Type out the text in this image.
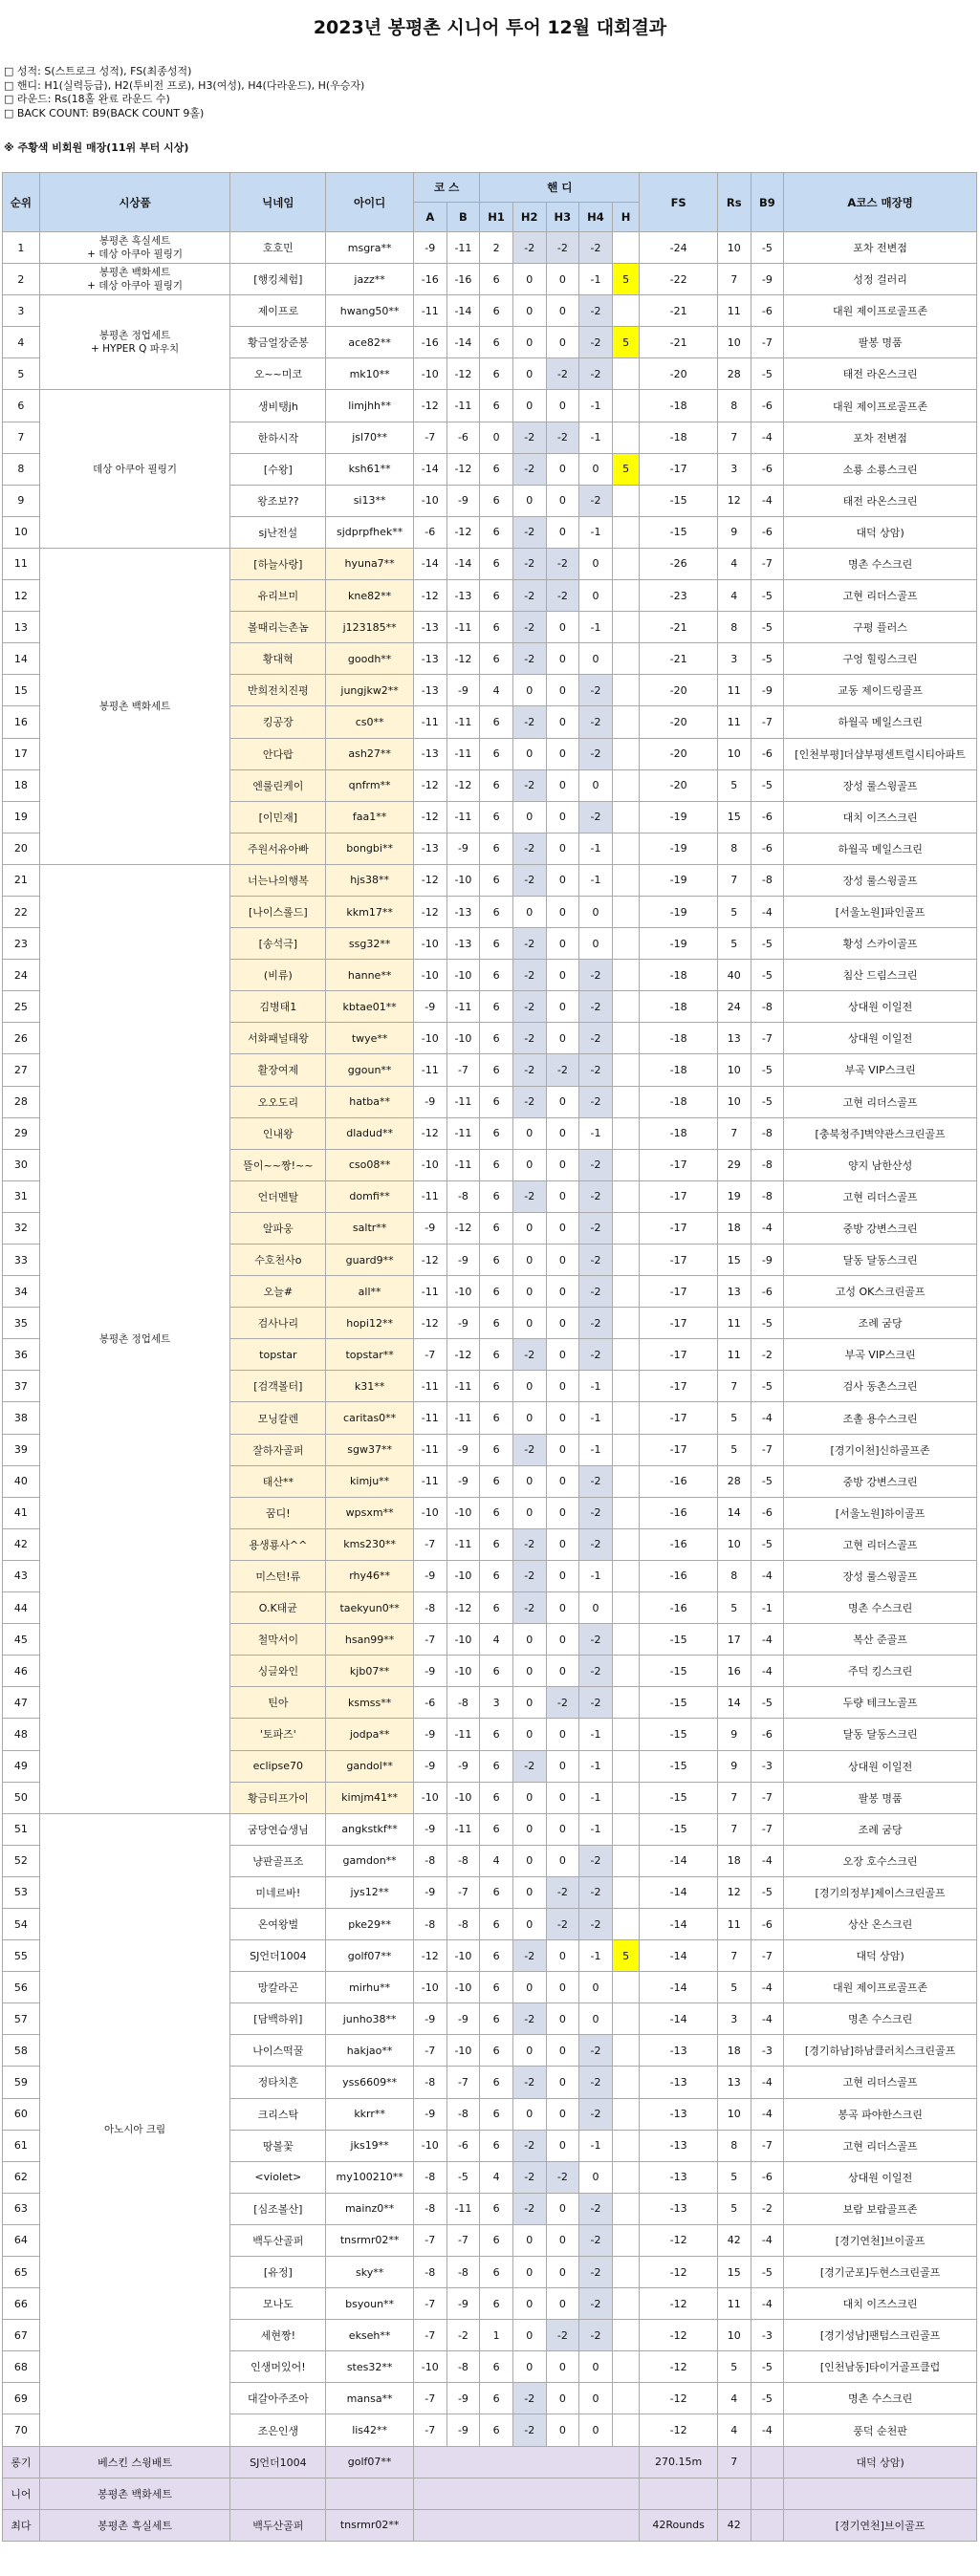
2023년 봉평촌 시니어 투어 12월 대회결과
□ 성적: S(스트로크 성적), FS(최종성적)
□ 핸디: H1(실력등급), H2(투비전 프로), H3(여성), H4(다라운드), H(우승자)
□ 라운드: Rs(18홀 완료 라운드 수)
□ BACK COUNT: B9(BACK COUNT 9홀)
※ 주황색 비회원 매장(11위 부터 시상)
순위	시상품	닉네임	아이디	코 스		핸 디					FS	Rs	B9	A코스 매장명
				A	B	H1	H2	H3	H4	H				
1	봉평촌 흑실세트
+ 데상 아쿠아 필링기	호호민	msgra**	-9	-11	2	-2	-2	-2		-24	10	-5	포차 전변점
2	봉평촌 백화세트
+ 데상 아쿠아 필링기	[행킹체험]	jazz**	-16	-16	6	0	0	-1	5	-22	7	-9	성정 걸러리
3	봉평촌 정업세트
+ HYPER Q 파우치	제이프로	hwang50**	-11	-14	6	0	0	-2		-21	11	-6	대원 제이프로골프존
4		황금얼장준봉	ace82**	-16	-14	6	0	0	-2	5	-21	10	-7	팔봉 명품
5		오~~미코	mk10**	-10	-12	6	0	-2	-2		-20	28	-5	태전 라온스크린
6	데상 아쿠아 필링기	생비탱jh	limjhh**	-12	-11	6	0	0	-1		-18	8	-6	대원 제이프로골프존
7		한하시작	jsl70**	-7	-6	0	-2	-2	-1		-18	7	-4	포차 전변점
8		[수왕]	ksh61**	-14	-12	6	-2	0	0	5	-17	3	-6	소룡 소룡스크린
9		왕조보??	si13**	-10	-9	6	0	0	-2		-15	12	-4	태전 라온스크린
10		sj난전설	sjdprpfhek**	-6	-12	6	-2	0	-1		-15	9	-6	대덕 상암)
11	봉평촌 백화세트	[하늘사랑]	hyuna7**	-14	-14	6	-2	-2	0		-26	4	-7	명촌 수스크린
12		유리브미	kne82**	-12	-13	6	-2	-2	0		-23	4	-5	고현 리더스골프
13		볼때리는촌놈	j123185**	-13	-11	6	-2	0	-1		-21	8	-5	구평 플러스
14		황대혁	goodh**	-13	-12	6	-2	0	0		-21	3	-5	구엉 힐링스크린
15		반희전치진평	jungjkw2**	-13	-9	4	0	0	-2		-20	11	-9	교동 제이드링골프
16		킹공장	cs0**	-11	-11	6	-2	0	-2		-20	11	-7	하월곡 메일스크린
17		안다랍	ash27**	-13	-11	6	0	0	-2		-20	10	-6	[인천부평]더샵부평센트럴시티아파트
18		엔룰린케이	qnfrm**	-12	-12	6	-2	0	0		-20	5	-5	장성 룰스윙골프
19		[이민재]	faa1**	-12	-11	6	0	0	-2		-19	15	-6	대치 이즈스크린
20		주원서유아빠	bongbi**	-13	-9	6	-2	0	-1		-19	8	-6	하월곡 메일스크린
21	봉평촌 정업세트	너는나의행복	hjs38**	-12	-10	6	-2	0	-1		-19	7	-8	장성 룰스윙골프
22		[나이스롤드]	kkm17**	-12	-13	6	0	0	0		-19	5	-4	[서울노원]파인골프
23		[송석극]	ssg32**	-10	-13	6	-2	0	0		-19	5	-5	황성 스카이골프
24		(비류)	hanne**	-10	-10	6	-2	0	-2		-18	40	-5	침산 드림스크린
25		김병태1	kbtae01**	-9	-11	6	-2	0	-2		-18	24	-8	상대원 이일전
26		서화패널태왕	twye**	-10	-10	6	-2	0	-2		-18	13	-7	상대원 이일전
27		활장여제	ggoun**	-11	-7	6	-2	-2	-2		-18	10	-5	부곡 VIP스크린
28		오오도리	hatba**	-9	-11	6	-2	0	-2		-18	10	-5	고현 리더스골프
29		인내왕	dladud**	-12	-11	6	0	0	-1		-18	7	-8	[충북청주]벽약관스크린골프
30		뜰이~~짱!~~	cso08**	-10	-11	6	0	0	-2		-17	29	-8	양지 남한산성
31		언더멘탈	domfi**	-11	-8	6	-2	0	-2		-17	19	-8	고현 리더스골프
32		알파웅	saltr**	-9	-12	6	0	0	-2		-17	18	-4	중방 강변스크린
33		수호천사o	guard9**	-12	-9	6	0	0	-2		-17	15	-9	달동 달동스크린
34		오늘#	all**	-11	-10	6	0	0	-2		-17	13	-6	고성 OK스크린골프
35		검사나리	hopi12**	-12	-9	6	0	0	-2		-17	11	-5	조례 굼당
36		topstar	topstar**	-7	-12	6	-2	0	-2		-17	11	-2	부곡 VIP스크린
37		[검객볼터]	k31**	-11	-11	6	0	0	-1		-17	7	-5	검사 동촌스크린
38		모닝칼렌	caritas0**	-11	-11	6	0	0	-1		-17	5	-4	조촐 용수스크린
39		잘하자골퍼	sgw37**	-11	-9	6	-2	0	-1		-17	5	-7	[경기이천]신하골프존
40		태산**	kimju**	-11	-9	6	0	0	-2		-16	28	-5	중방 강변스크린
41		꿈디!	wpsxm**	-10	-10	6	0	0	-2		-16	14	-6	[서울노원]하이골프
42		용생룡사^^	kms230**	-7	-11	6	-2	0	-2		-16	10	-5	고현 리더스골프
43		미스턴!류	rhy46**	-9	-10	6	-2	0	-1		-16	8	-4	장성 룰스윙골프
44		O.K태균	taekyun0**	-8	-12	6	-2	0	0		-16	5	-1	명촌 수스크린
45		철막서이	hsan99**	-7	-10	4	0	0	-2		-15	17	-4	복산 준골프
46		싱글와인	kjb07**	-9	-10	6	0	0	-2		-15	16	-4	주덕 킹스크린
47		틴아	ksmss**	-6	-8	3	0	-2	-2		-15	14	-5	두량 테크노골프
48		'토파즈'	jodpa**	-9	-11	6	0	0	-1		-15	9	-6	달동 달동스크린
49		eclipse70	gandol**	-9	-9	6	-2	0	-1		-15	9	-3	상대원 이일전
50		황금티프가이	kimjm41**	-10	-10	6	0	0	-1		-15	7	-7	팔봉 명품
51	아노시아 크림	굼당연습생님	angkstkf**	-9	-11	6	0	0	-1		-15	7	-7	조례 굼당
52		냥판골프조	gamdon**	-8	-8	4	0	0	-2		-14	18	-4	오장 호수스크린
53		미네르바!	jys12**	-9	-7	6	0	-2	-2		-14	12	-5	[경기의정부]제이스크린골프
54		온여왕벌	pke29**	-8	-8	6	0	-2	-2		-14	11	-6	상산 온스크린
55		SJ언더1004	golf07**	-12	-10	6	-2	0	-1	5	-14	7	-7	대덕 상암)
56		망칼라곤	mirhu**	-10	-10	6	0	0	0		-14	5	-4	대원 제이프로골프존
57		[담백하위]	junho38**	-9	-9	6	-2	0	0		-14	3	-4	명촌 수스크린
58		나이스떡꿀	hakjao**	-7	-10	6	0	0	-2		-13	18	-3	[경기하남]하남클러치스크린골프
59		정타치흔	yss6609**	-8	-7	6	-2	0	-2		-13	13	-4	고현 리더스골프
60		크리스탁	kkrr**	-9	-8	6	0	0	-2		-13	10	-4	봉곡 파야한스크린
61		땅볼꽃	jks19**	-10	-6	6	-2	0	-1		-13	8	-7	고현 리더스골프
62		<violet>	my100210**	-8	-5	4	-2	-2	0		-13	5	-6	상대원 이일전
63		[심조볼산]	mainz0**	-8	-11	6	-2	0	-2		-13	5	-2	보람 보람골프존
64		백두산골퍼	tnsrmr02**	-7	-7	6	0	0	-2		-12	42	-4	[경기연천]브이골프
65		[유정]	sky**	-8	-8	6	0	0	-2		-12	15	-5	[경기군포]두현스크린골프
66		모나도	bsyoun**	-7	-9	6	0	0	-2		-12	11	-4	대치 이즈스크린
67		세현짱!	ekseh**	-7	-2	1	0	-2	-2		-12	10	-3	[경기성남]팬텀스크린골프
68		인생머있어!	stes32**	-10	-8	6	0	0	0		-12	5	-5	[인천남동]타이거골프클럽
69		대갈아주조아	mansa**	-7	-9	6	-2	0	0		-12	4	-5	명촌 수스크린
70		조은인생	lis42**	-7	-9	6	-2	0	0		-12	4	-4	풍덕 순천판
롱기	베스킨 스윙배트	SJ언더1004	golf07**								270.15m	7		대덕 상암)
니어	봉평촌 백화세트													
최다	봉평촌 흑실세트	백두산골퍼	tnsrmr02**								42Rounds	42		[경기연천]브이골프
